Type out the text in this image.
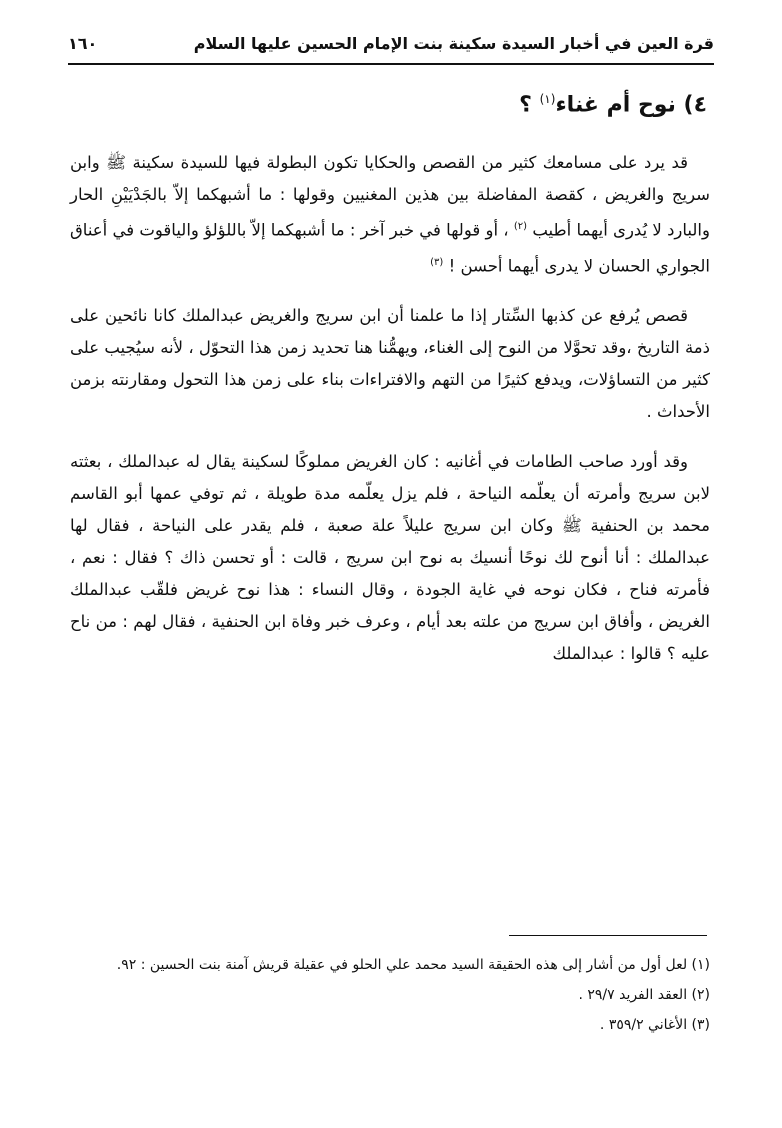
قرة العين في أخبار السيدة سكينة بنت الإمام الحسين عليها السلام
١٦٠
٤) نوح أم غناء$^{(١)}$ ؟

قد يرد على مسامعك كثير من القصص والحكايا تكون البطولة فيها للسيدة سكينة ﷺ وابن سريج والغريض ، كقصة المفاضلة بين هذين المغنيين وقولها : ما أشبهكما إلاّ بالجَدْيَيْنِ الحار والبارد لا يُدرى أيهما أطيب $^{(٢)}$ ، أو قولها في خبر آخر : ما أشبهكما إلاّ باللؤلؤ والياقوت في أعناق الجواري الحسان لا يدرى أيهما أحسن ! $^{(٣)}$

قصص يُرفع عن كذبها السِّتار إذا ما علمنا أن ابن سريج والغريض عبدالملك كانا نائحين على ذمة التاريخ ،وقد تحوَّلا من النوح إلى الغناء، ويهمُّنا هنا تحديد زمن هذا التحوّل ، لأنه سيُجيب على كثير من التساؤلات، ويدفع كثيرًا من التهم والافتراءات بناء على زمن هذا التحول ومقارنته بزمن الأحداث .

وقد أورد صاحب الطامات في أغانيه : كان الغريض مملوكًا لسكينة يقال له عبدالملك ، بعثته لابن سريج وأمرته أن يعلّمه النياحة ، فلم يزل يعلّمه مدة طويلة ، ثم توفي عمها أبو القاسم محمد بن الحنفية ﷺ وكان ابن سريج عليلاً علة صعبة ، فلم يقدر على النياحة ، فقال لها عبدالملك : أنا أنوح لك نوحًا أنسيك به نوح ابن سريج ، قالت : أو تحسن ذاك ؟ فقال : نعم ، فأمرته فناح ، فكان نوحه في غاية الجودة ، وقال النساء : هذا نوح غريض فلقّب عبدالملك الغريض ، وأفاق ابن سريج من علته بعد أيام ، وعرف خبر وفاة ابن الحنفية ، فقال لهم : من ناح عليه ؟ قالوا : عبدالملك

(١) لعل أول من أشار إلى هذه الحقيقة السيد محمد علي الحلو في عقيلة قريش آمنة بنت الحسين : ٩٢.

(٢) العقد الفريد ٢٩/٧ .

(٣) الأغاني ٣٥٩/٢ .
